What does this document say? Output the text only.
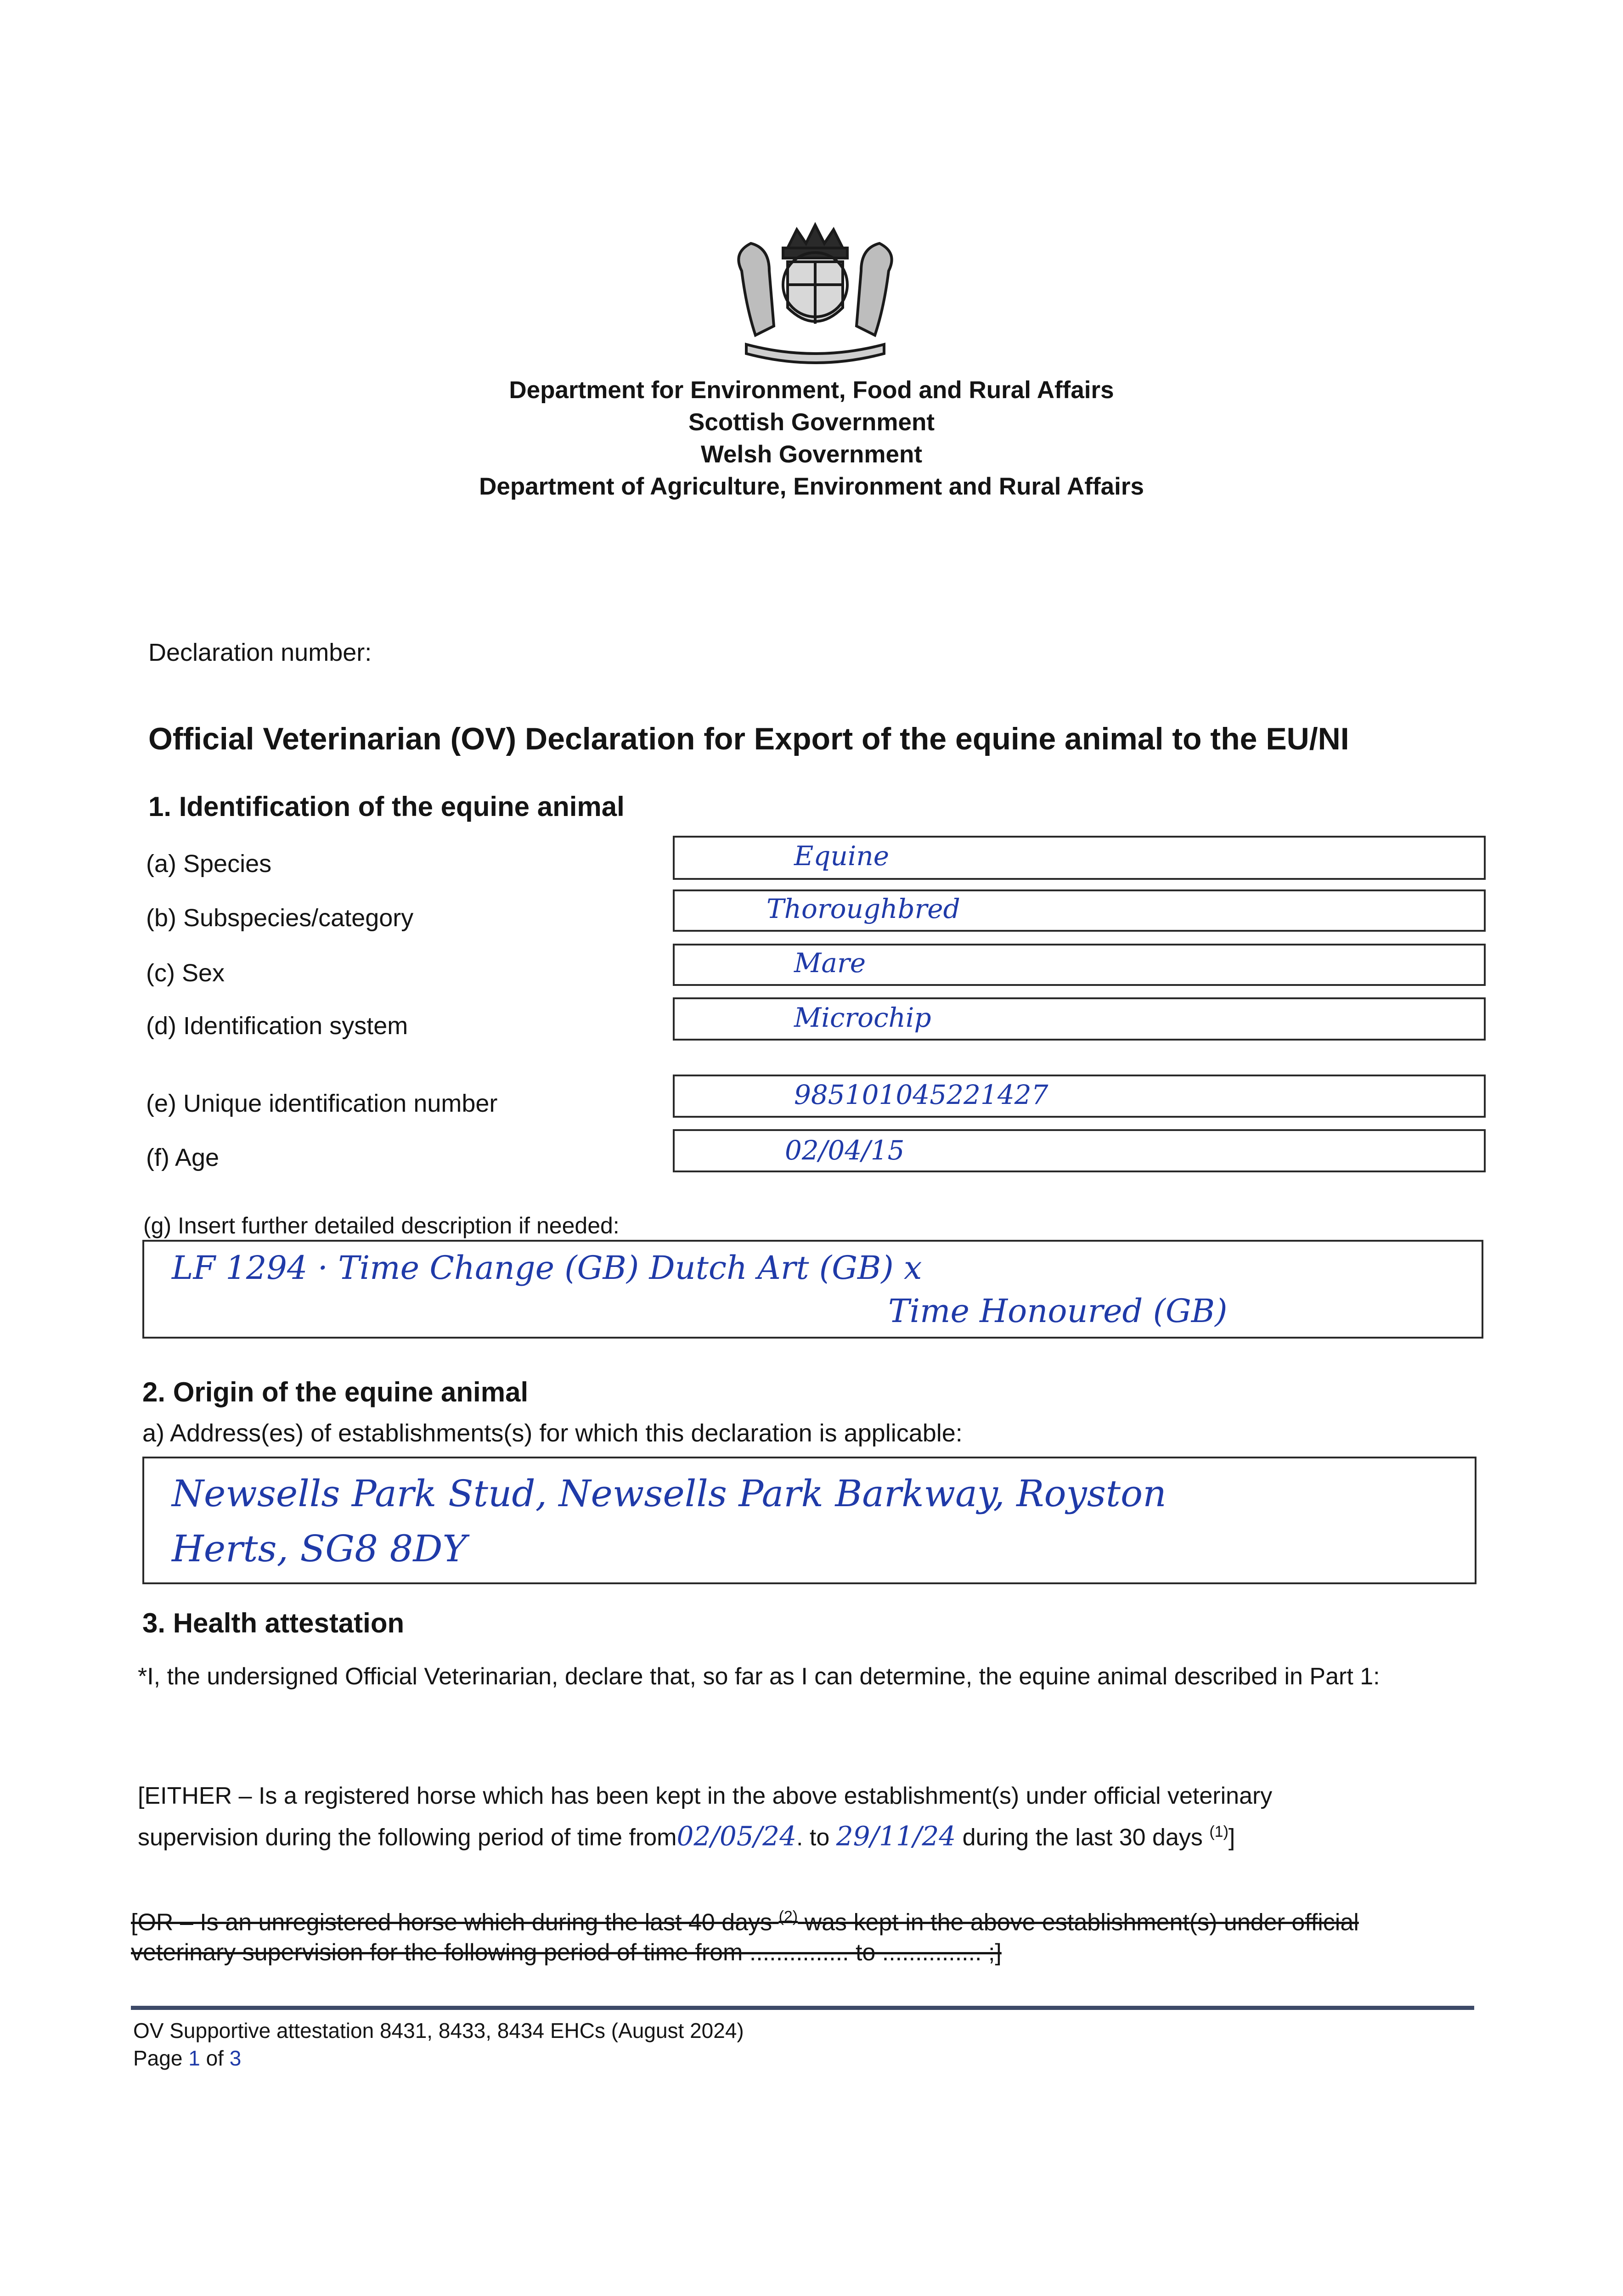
Department for Environment, Food and Rural Affairs
Scottish Government
Welsh Government
Department of Agriculture, Environment and Rural Affairs
Declaration number:
Official Veterinarian (OV) Declaration for Export of the equine animal to the EU/NI
1. Identification of the equine animal
(a) Species
(b) Subspecies/category
(c) Sex
(d) Identification system
(e) Unique identification number
(f) Age
Equine
Thoroughbred
Mare
Microchip
985101045221427
02/04/15
(g) Insert further detailed description if needed:
LF 1294 · Time Change (GB) Dutch Art (GB) x
Time Honoured (GB)
2. Origin of the equine animal
a) Address(es) of establishments(s) for which this declaration is applicable:
Newsells Park Stud, Newsells Park Barkway, Royston
Herts, SG8 8DY
3. Health attestation
*I, the undersigned Official Veterinarian, declare that, so far as I can determine, the equine animal described in Part 1:
[EITHER – Is a registered horse which has been kept in the above establishment(s) under official veterinary
supervision during the following period of time from02/05/24. to 29/11/24 during the last 30 days $^{(1)}$]
[OR – Is an unregistered horse which during the last 40 days $^{(2)}$ was kept in the above establishment(s) under official
veterinary supervision for the following period of time from ............... to ............... ;]
OV Supportive attestation 8431, 8433, 8434 EHCs (August 2024)
Page 1 of 3
